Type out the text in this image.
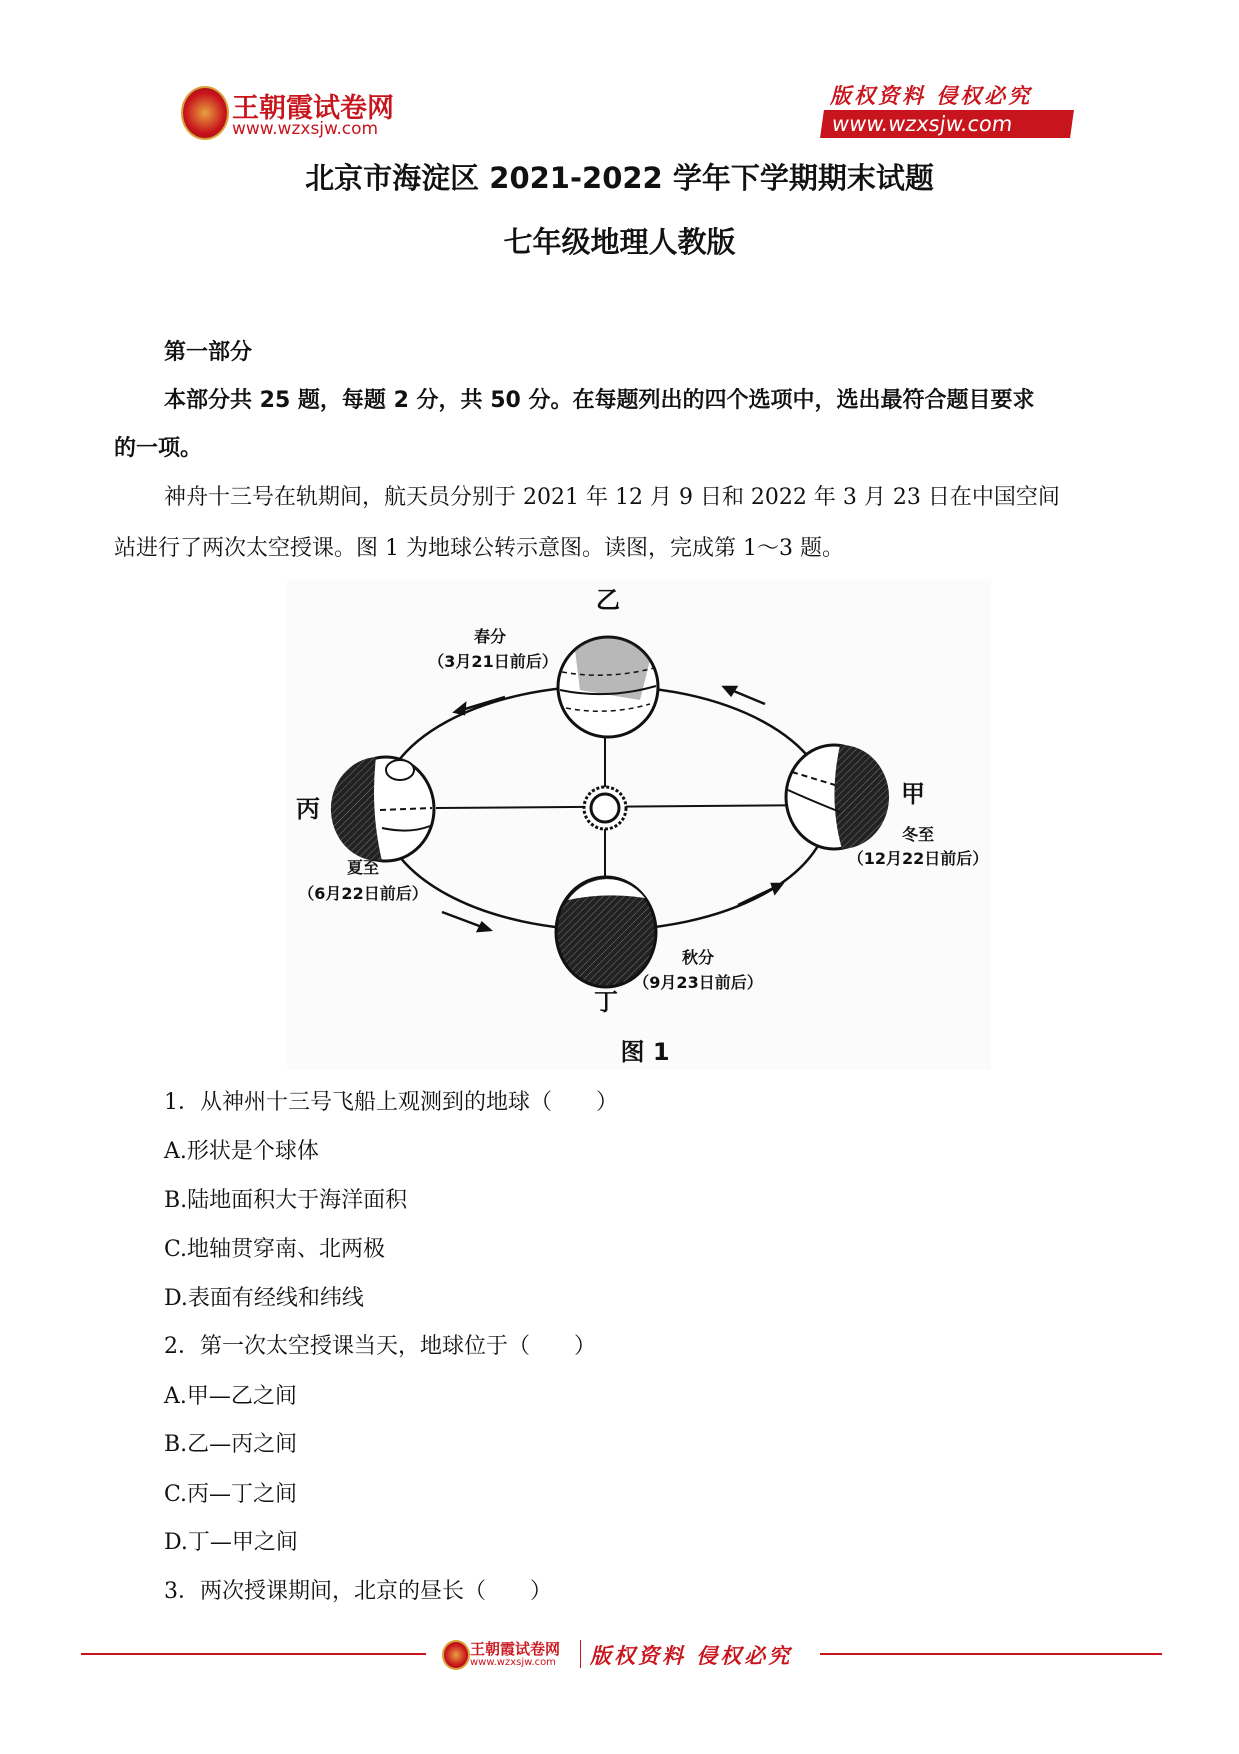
王朝霞试卷网
www.wzxsjw.com
版权资料 侵权必究
www.wzxsjw.com
北京市海淀区 2021-2022 学年下学期期末试题
七年级地理人教版
第一部分
本部分共 25 题，每题 2 分，共 50 分。在每题列出的四个选项中，选出最符合题目要求
的一项。
神舟十三号在轨期间，航天员分别于 2021 年 12 月 9 日和 2022 年 3 月 23 日在中国空间
站进行了两次太空授课。图 1 为地球公转示意图。读图，完成第 1～3 题。
乙
丙
甲
丁
春分
（3月21日前后）
夏至
（6月22日前后）
冬至
（12月22日前后）
秋分
（9月23日前后）
图 1
1．从神州十三号飞船上观测到的地球（　　）
A.形状是个球体
B.陆地面积大于海洋面积
C.地轴贯穿南、北两极
D.表面有经线和纬线
2．第一次太空授课当天，地球位于（　　）
A.甲—乙之间
B.乙—丙之间
C.丙—丁之间
D.丁—甲之间
3．两次授课期间，北京的昼长（　　）
王朝霞试卷网
www.wzxsjw.com 版权资料 侵权必究
